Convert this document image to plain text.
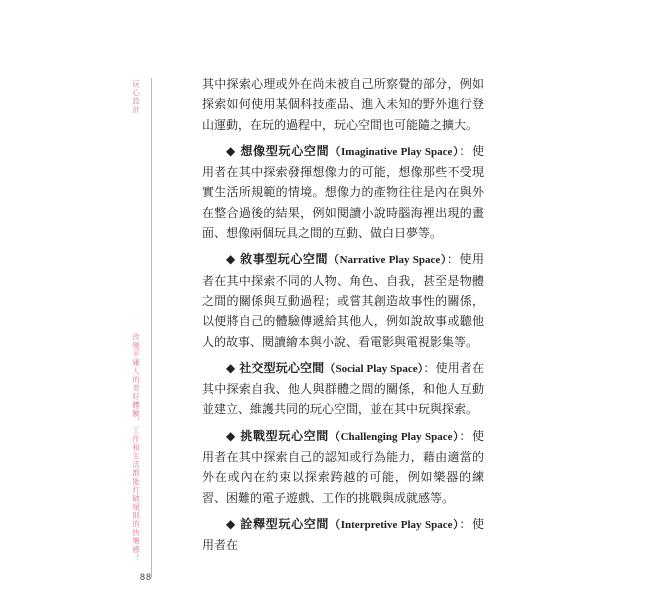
玩心設計
改變平庸人的美好體驗，工作和生活都能打破規則的快樂感！

其中探索心理或外在尚未被自己所察覺的部分，例如探索如何使用某個科技產品、進入未知的野外進行登山運動，在玩的過程中，玩心空間也可能隨之擴大。

◆ 想像型玩心空間（Imaginative Play Space）：使用者在其中探索發揮想像力的可能，想像那些不受現實生活所規範的情境。想像力的產物往往是內在與外在整合過後的結果，例如閱讀小說時腦海裡出現的畫面、想像兩個玩具之間的互動、做白日夢等。

◆ 敘事型玩心空間（Narrative Play Space）：使用者在其中探索不同的人物、角色、自我，甚至是物體之間的關係與互動過程；或嘗其創造故事性的關係，以便將自己的體驗傳遞給其他人，例如說故事或聽他人的故事、閱讀繪本與小說、看電影與電視影集等。

◆ 社交型玩心空間（Social Play Space）：使用者在其中探索自我、他人與群體之間的關係，和他人互動並建立、維護共同的玩心空間，並在其中玩與探索。

◆ 挑戰型玩心空間（Challenging Play Space）：使用者在其中探索自己的認知或行為能力，藉由適當的外在或內在約束以探索跨越的可能，例如樂器的練習、困難的電子遊戲、工作的挑戰與成就感等。

◆ 詮釋型玩心空間（Interpretive Play Space）：使用者在

88
